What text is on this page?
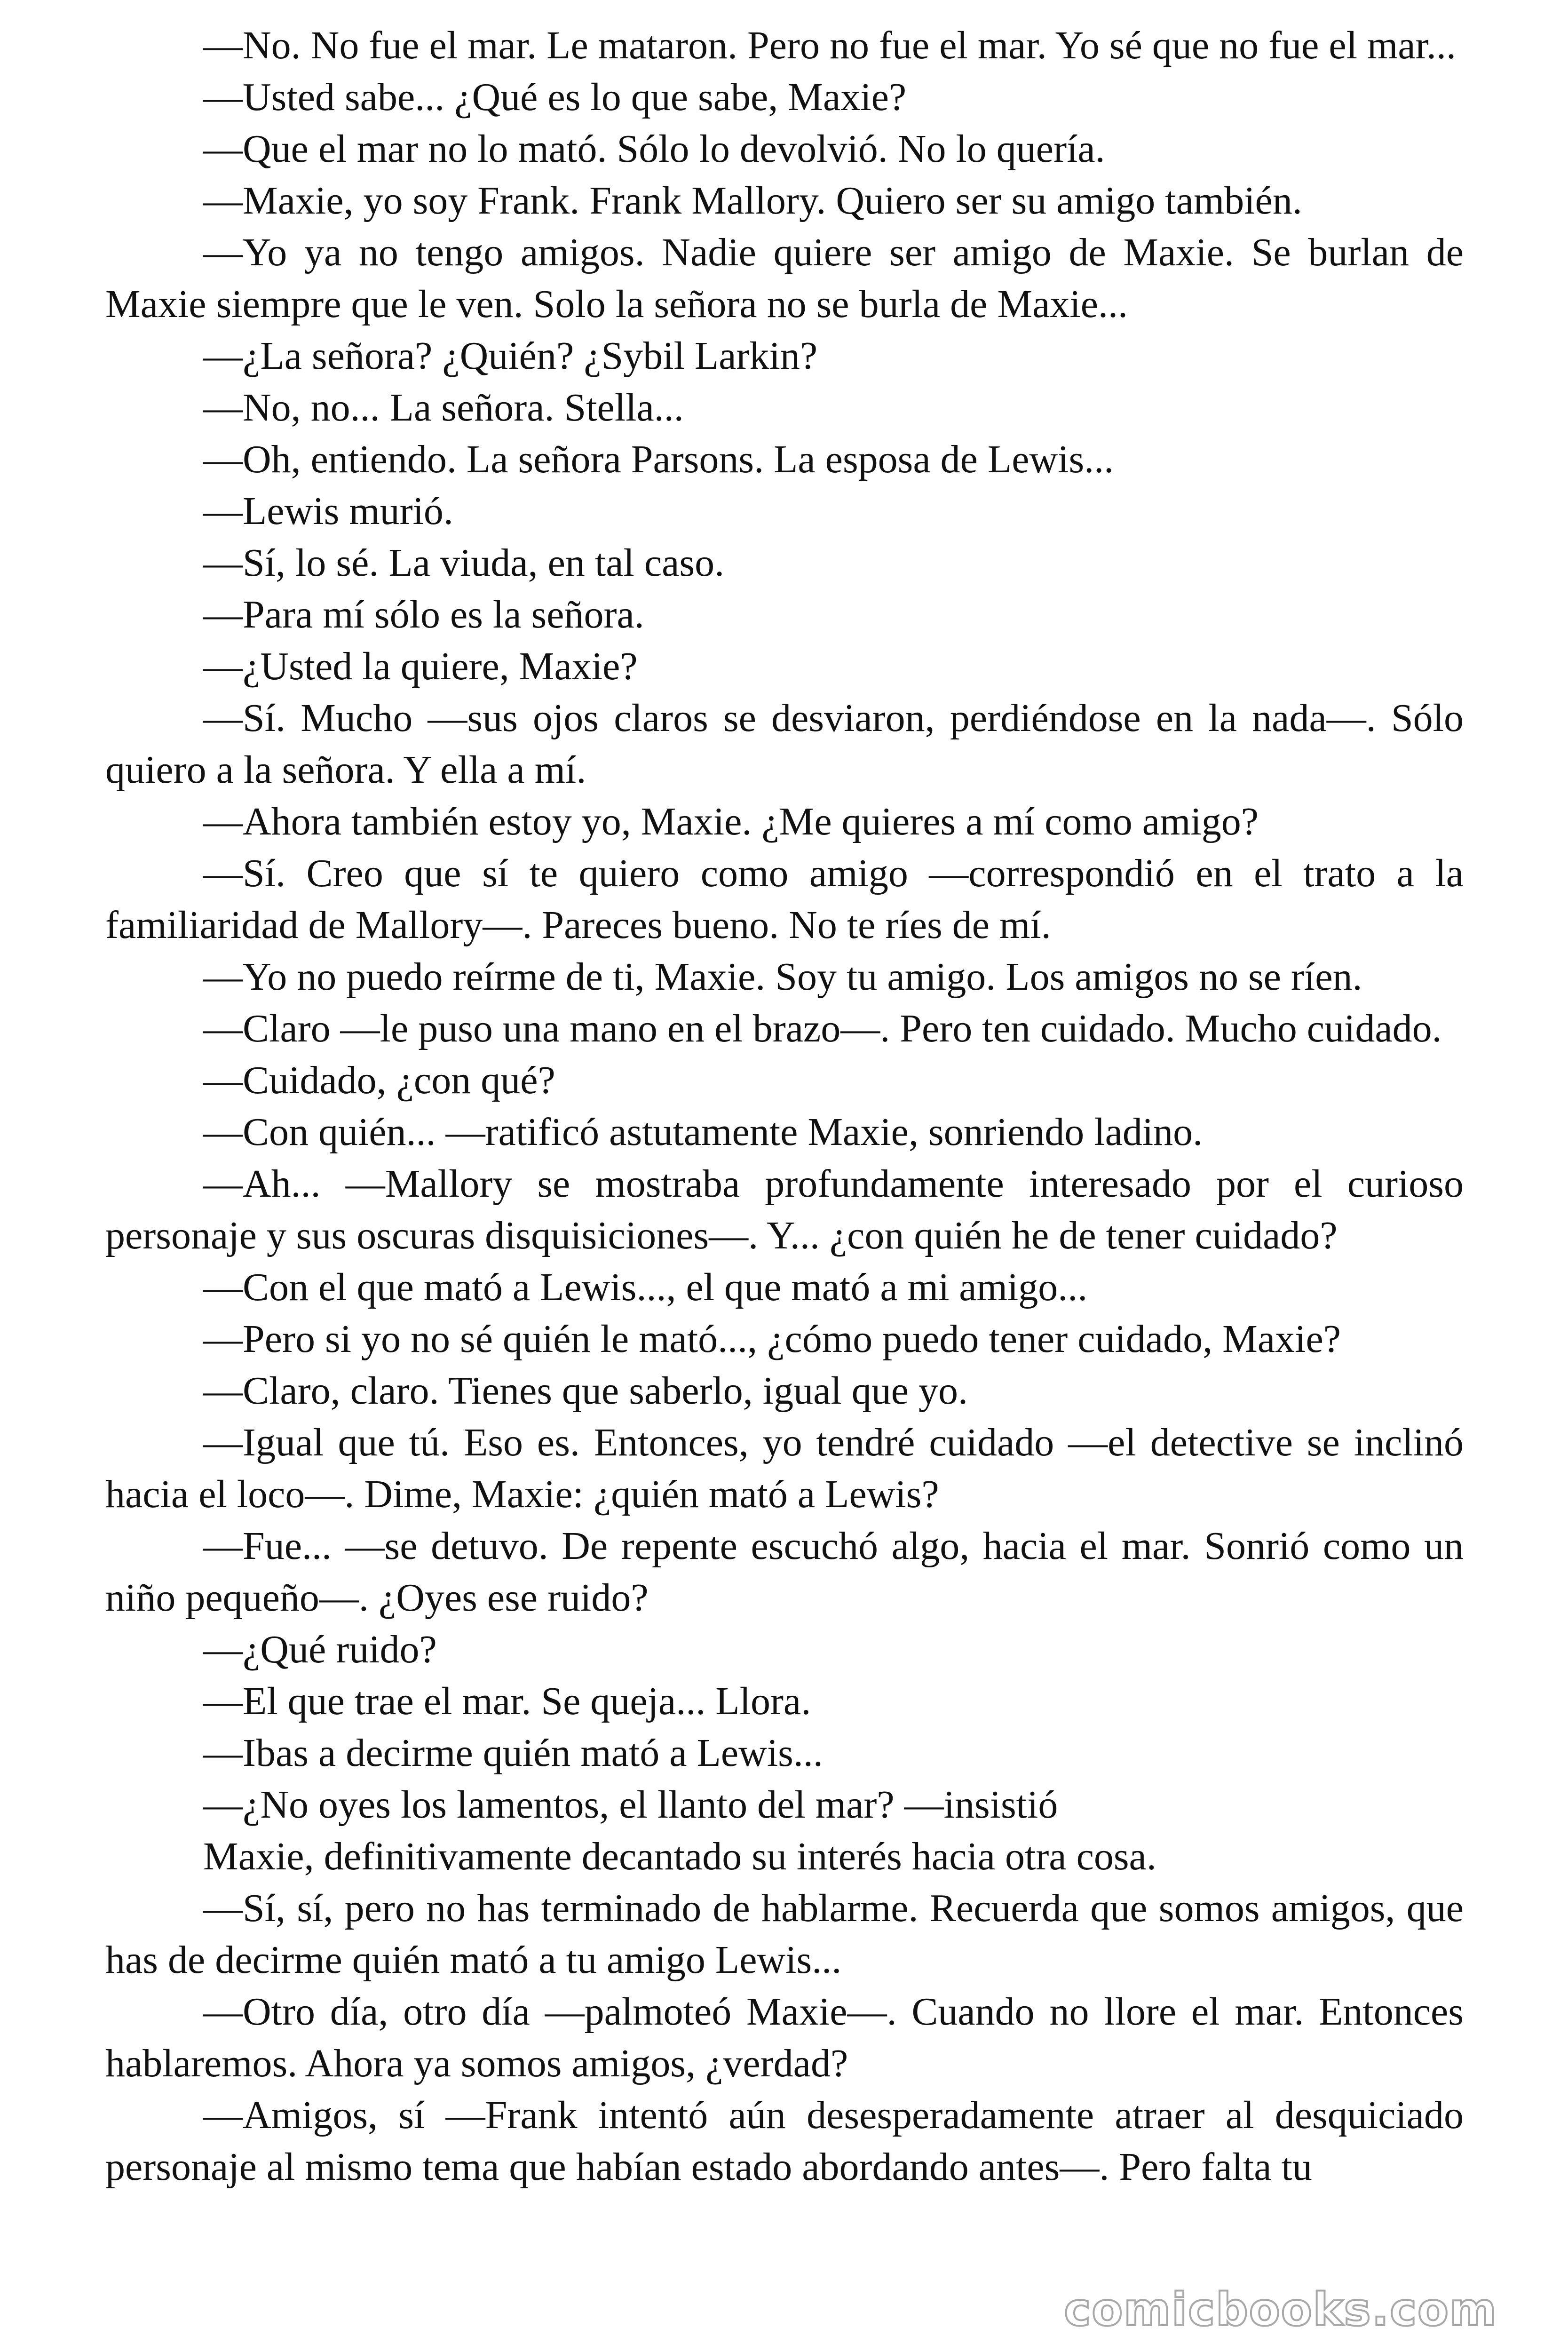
—No. No fue el mar. Le mataron. Pero no fue el mar. Yo sé que no fue el mar...

—Usted sabe... ¿Qué es lo que sabe, Maxie?

—Que el mar no lo mató. Sólo lo devolvió. No lo quería.

—Maxie, yo soy Frank. Frank Mallory. Quiero ser su amigo también.

—Yo ya no tengo amigos. Nadie quiere ser amigo de Maxie. Se burlan de Maxie siempre que le ven. Solo la señora no se burla de Maxie...

—¿La señora? ¿Quién? ¿Sybil Larkin?

—No, no... La señora. Stella...

—Oh, entiendo. La señora Parsons. La esposa de Lewis...

—Lewis murió.

—Sí, lo sé. La viuda, en tal caso.

—Para mí sólo es la señora.

—¿Usted la quiere, Maxie?

—Sí. Mucho —sus ojos claros se desviaron, perdiéndose en la nada—. Sólo quiero a la señora. Y ella a mí.

—Ahora también estoy yo, Maxie. ¿Me quieres a mí como amigo?

—Sí. Creo que sí te quiero como amigo —correspondió en el trato a la familiaridad de Mallory—. Pareces bueno. No te ríes de mí.

—Yo no puedo reírme de ti, Maxie. Soy tu amigo. Los amigos no se ríen.

—Claro —le puso una mano en el brazo—. Pero ten cuidado. Mucho cuidado.

—Cuidado, ¿con qué?

—Con quién... —ratificó astutamente Maxie, sonriendo ladino.

—Ah... —Mallory se mostraba profundamente interesado por el curioso personaje y sus oscuras disquisiciones—. Y... ¿con quién he de tener cuidado?

—Con el que mató a Lewis..., el que mató a mi amigo...

—Pero si yo no sé quién le mató..., ¿cómo puedo tener cuidado, Maxie?

—Claro, claro. Tienes que saberlo, igual que yo.

—Igual que tú. Eso es. Entonces, yo tendré cuidado —el detective se inclinó hacia el loco—. Dime, Maxie: ¿quién mató a Lewis?

—Fue... —se detuvo. De repente escuchó algo, hacia el mar. Sonrió como un niño pequeño—. ¿Oyes ese ruido?

—¿Qué ruido?

—El que trae el mar. Se queja... Llora.

—Ibas a decirme quién mató a Lewis...

—¿No oyes los lamentos, el llanto del mar? —insistió

Maxie, definitivamente decantado su interés hacia otra cosa.

—Sí, sí, pero no has terminado de hablarme. Recuerda que somos amigos, que has de decirme quién mató a tu amigo Lewis...

—Otro día, otro día —palmoteó Maxie—. Cuando no llore el mar. Entonces hablaremos. Ahora ya somos amigos, ¿verdad?

—Amigos, sí —Frank intentó aún desesperadamente atraer al desquiciado personaje al mismo tema que habían estado abordando antes—. Pero falta tu

comicbooks.com
